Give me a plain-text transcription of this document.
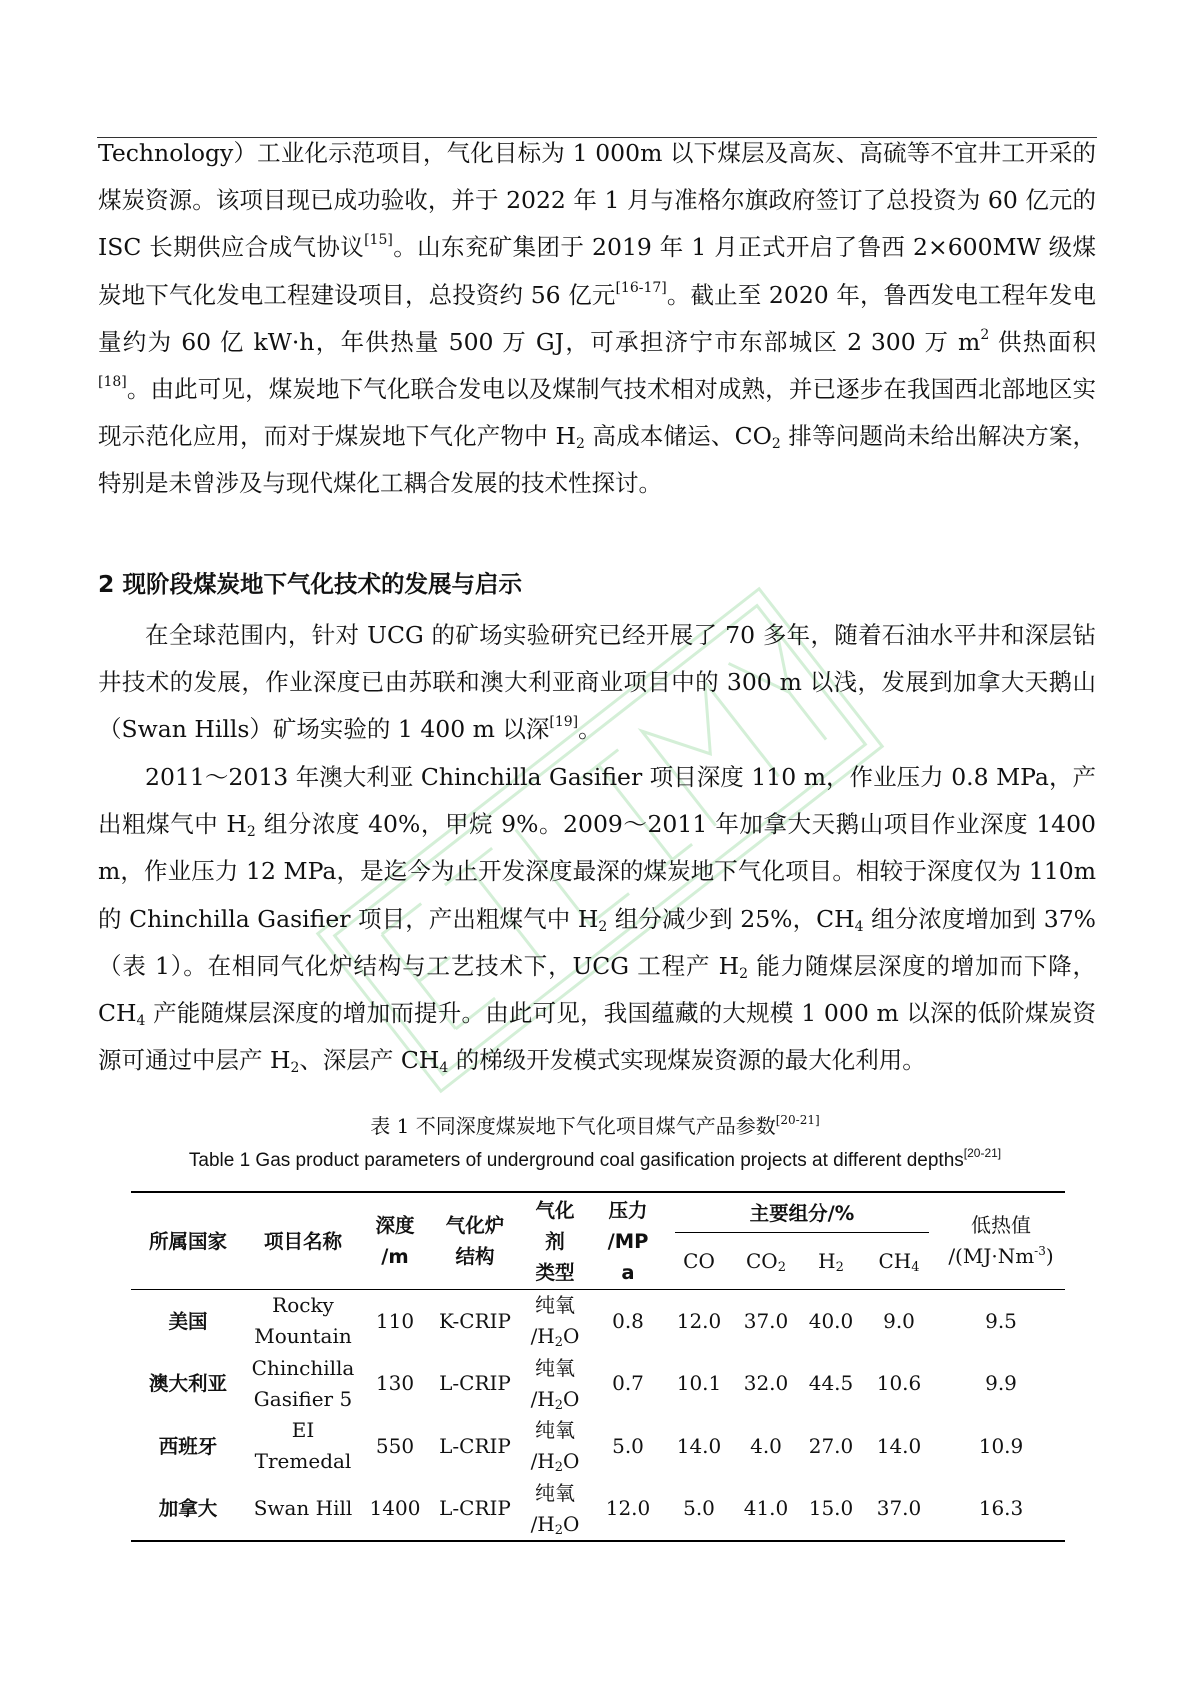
Technology）工业化示范项目，气化目标为 1 000m 以下煤层及高灰、高硫等不宜井工开采的煤炭资源。该项目现已成功验收，并于 2022 年 1 月与准格尔旗政府签订了总投资为 60 亿元的 ISC 长期供应合成气协议[15]。山东兖矿集团于 2019 年 1 月正式开启了鲁西 2×600MW 级煤炭地下气化发电工程建设项目，总投资约 56 亿元[16-17]。截止至 2020 年，鲁西发电工程年发电量约为 60 亿 kW·h，年供热量 500 万 GJ，可承担济宁市东部城区 2 300 万 $m^2$ 供热面积[18]。由此可见，煤炭地下气化联合发电以及煤制气技术相对成熟，并已逐步在我国西北部地区实现示范化应用，而对于煤炭地下气化产物中 $H_2$ 高成本储运、$CO_2$ 排等问题尚未给出解决方案，特别是未曾涉及与现代煤化工耦合发展的技术性探讨。

2 现阶段煤炭地下气化技术的发展与启示

在全球范围内，针对 UCG 的矿场实验研究已经开展了 70 多年，随着石油水平井和深层钻井技术的发展，作业深度已由苏联和澳大利亚商业项目中的 300 m 以浅，发展到加拿大天鹅山（Swan Hills）矿场实验的 1 400 m 以深[19]。

2011～2013 年澳大利亚 Chinchilla Gasifier 项目深度 110 m，作业压力 0.8 MPa，产出粗煤气中 $H_2$ 组分浓度 40%，甲烷 9%。2009～2011 年加拿大天鹅山项目作业深度 1400 m，作业压力 12 MPa，是迄今为止开发深度最深的煤炭地下气化项目。相较于深度仅为 110m 的 Chinchilla Gasifier 项目，产出粗煤气中 $H_2$ 组分减少到 25%，$CH_4$ 组分浓度增加到 37%（表 1）。在相同气化炉结构与工艺技术下，UCG 工程产 $H_2$ 能力随煤层深度的增加而下降，$CH_4$ 产能随煤层深度的增加而提升。由此可见，我国蕴藏的大规模 1 000 m 以深的低阶煤炭资源可通过中层产 $H_2$、深层产 $CH_4$ 的梯级开发模式实现煤炭资源的最大化利用。

表 1 不同深度煤炭地下气化项目煤气产品参数[20-21]

Table 1 Gas product parameters of underground coal gasification projects at different depths[20-21]

所属国家	项目名称	深度
/m	气化炉
结构	气化
剂
类型	压力
/MP
a	主要组分/%				低热值
$/(MJ\cdot Nm^{-3})$
						CO	$CO_2$	$H_2$	$CH_4$
美国	Rocky
Mountain	110	K-CRIP	纯氧
$/H_2O$	0.8	12.0	37.0	40.0	9.0	9.5
澳大利亚	Chinchilla
Gasifier 5	130	L-CRIP	纯氧
$/H_2O$	0.7	10.1	32.0	44.5	10.6	9.9
西班牙	EI
Tremedal	550	L-CRIP	纯氧
$/H_2O$	5.0	14.0	4.0	27.0	14.0	10.9
加拿大	Swan Hill	1400	L-CRIP	纯氧
$/H_2O$	12.0	5.0	41.0	15.0	37.0	16.3
